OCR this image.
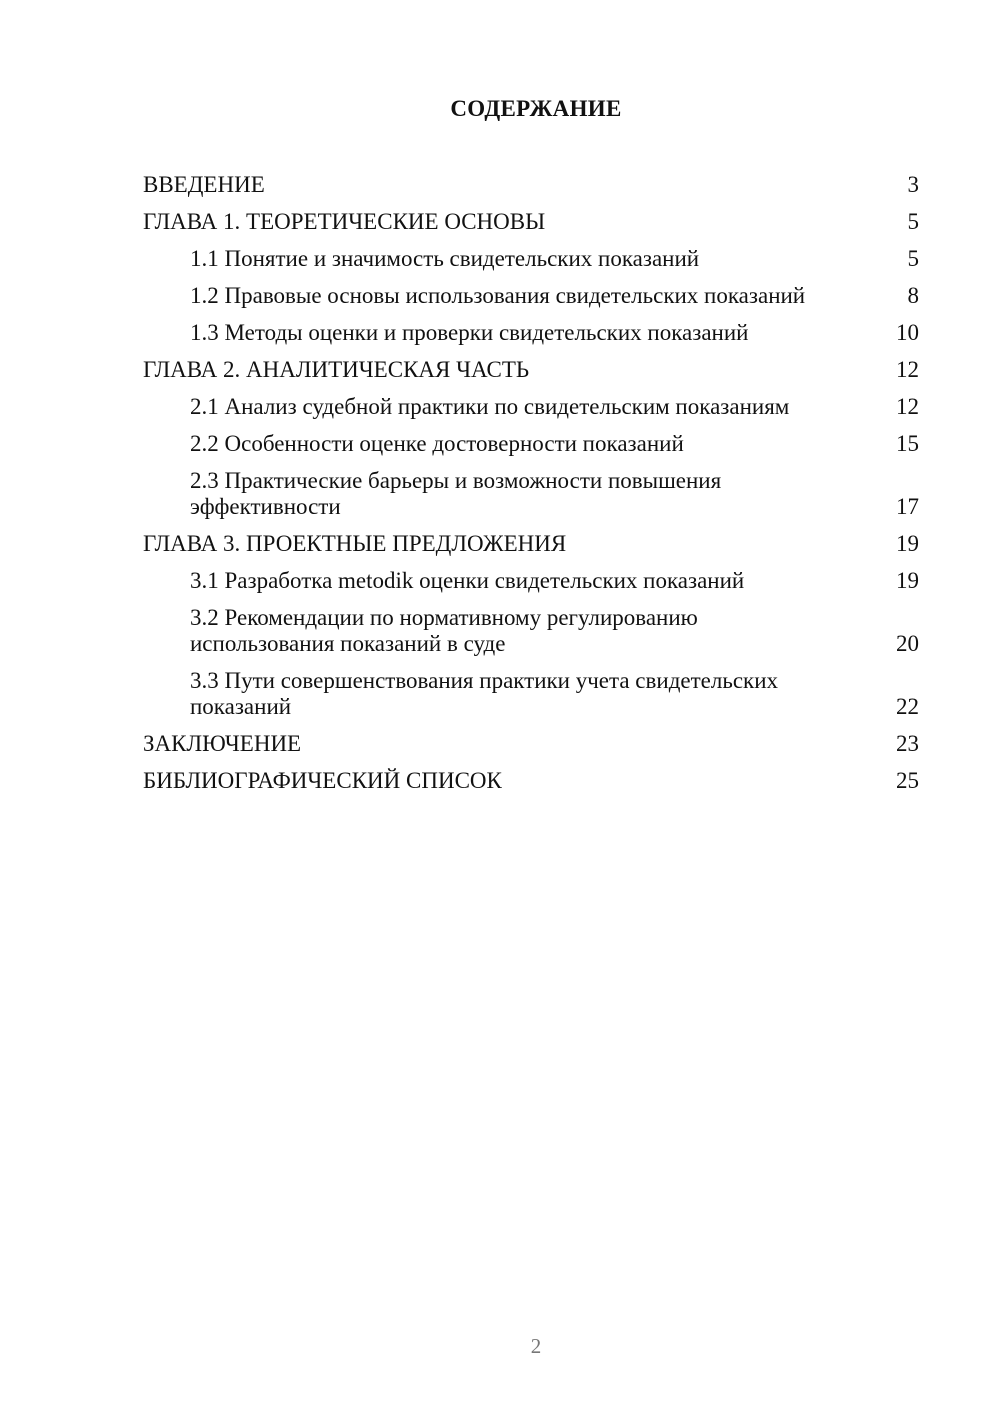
СОДЕРЖАНИЕ
ВВЕДЕНИЕ	3
ГЛАВА 1. ТЕОРЕТИЧЕСКИЕ ОСНОВЫ	5
1.1 Понятие и значимость свидетельских показаний	5
1.2 Правовые основы использования свидетельских показаний	8
1.3 Методы оценки и проверки свидетельских показаний	10
ГЛАВА 2. АНАЛИТИЧЕСКАЯ ЧАСТЬ	12
2.1 Анализ судебной практики по свидетельским показаниям	12
2.2 Особенности оценке достоверности показаний	15
2.3 Практические барьеры и возможности повышения эффективности	17
ГЛАВА 3. ПРОЕКТНЫЕ ПРЕДЛОЖЕНИЯ	19
3.1 Разработка metodik оценки свидетельских показаний	19
3.2 Рекомендации по нормативному регулированию использования показаний в суде	20
3.3 Пути совершенствования практики учета свидетельских показаний	22
ЗАКЛЮЧЕНИЕ	23
БИБЛИОГРАФИЧЕСКИЙ СПИСОК	25
2
